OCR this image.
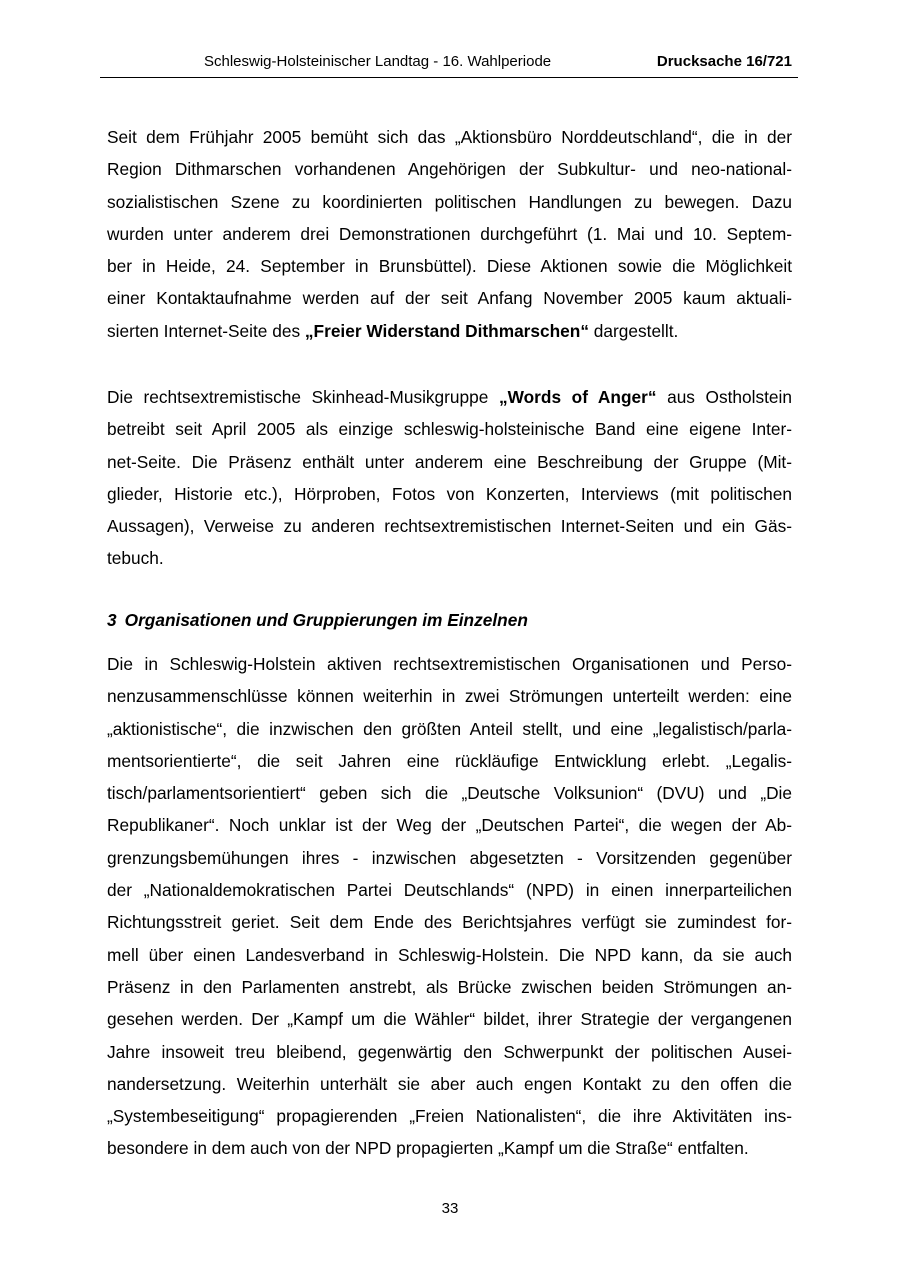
Schleswig-Holsteinischer Landtag - 16. Wahlperiode	Drucksache 16/721
Seit dem Frühjahr 2005 bemüht sich das „Aktionsbüro Norddeutschland“, die in der
Region Dithmarschen vorhandenen Angehörigen der Subkultur- und neo-national-
sozialistischen Szene zu koordinierten politischen Handlungen zu bewegen. Dazu
wurden unter anderem drei Demonstrationen durchgeführt (1. Mai und 10. Septem-
ber in Heide, 24. September in Brunsbüttel). Diese Aktionen sowie die Möglichkeit
einer Kontaktaufnahme werden auf der seit Anfang November 2005 kaum aktuali-
sierten Internet-Seite des „Freier Widerstand Dithmarschen“ dargestellt.
Die rechtsextremistische Skinhead-Musikgruppe „Words of Anger“ aus Ostholstein
betreibt seit April 2005 als einzige schleswig-holsteinische Band eine eigene Inter-
net-Seite. Die Präsenz enthält unter anderem eine Beschreibung der Gruppe (Mit-
glieder, Historie etc.), Hörproben, Fotos von Konzerten, Interviews (mit politischen
Aussagen), Verweise zu anderen rechtsextremistischen Internet-Seiten und ein Gäs-
tebuch.
3 Organisationen und Gruppierungen im Einzelnen
Die in Schleswig-Holstein aktiven rechtsextremistischen Organisationen und Perso-
nenzusammenschlüsse können weiterhin in zwei Strömungen unterteilt werden: eine
„aktionistische“, die inzwischen den größten Anteil stellt, und eine „legalistisch/parla-
mentsorientierte“, die seit Jahren eine rückläufige Entwicklung erlebt. „Legalis-
tisch/parlamentsorientiert“ geben sich die „Deutsche Volksunion“ (DVU) und „Die
Republikaner“. Noch unklar ist der Weg der „Deutschen Partei“, die wegen der Ab-
grenzungsbemühungen ihres - inzwischen abgesetzten - Vorsitzenden gegenüber
der „Nationaldemokratischen Partei Deutschlands“ (NPD) in einen innerparteilichen
Richtungsstreit geriet. Seit dem Ende des Berichtsjahres verfügt sie zumindest for-
mell über einen Landesverband in Schleswig-Holstein. Die NPD kann, da sie auch
Präsenz in den Parlamenten anstrebt, als Brücke zwischen beiden Strömungen an-
gesehen werden. Der „Kampf um die Wähler“ bildet, ihrer Strategie der vergangenen
Jahre insoweit treu bleibend, gegenwärtig den Schwerpunkt der politischen Ausei-
nandersetzung. Weiterhin unterhält sie aber auch engen Kontakt zu den offen die
„Systembeseitigung“ propagierenden „Freien Nationalisten“, die ihre Aktivitäten ins-
besondere in dem auch von der NPD propagierten „Kampf um die Straße“ entfalten.
33
